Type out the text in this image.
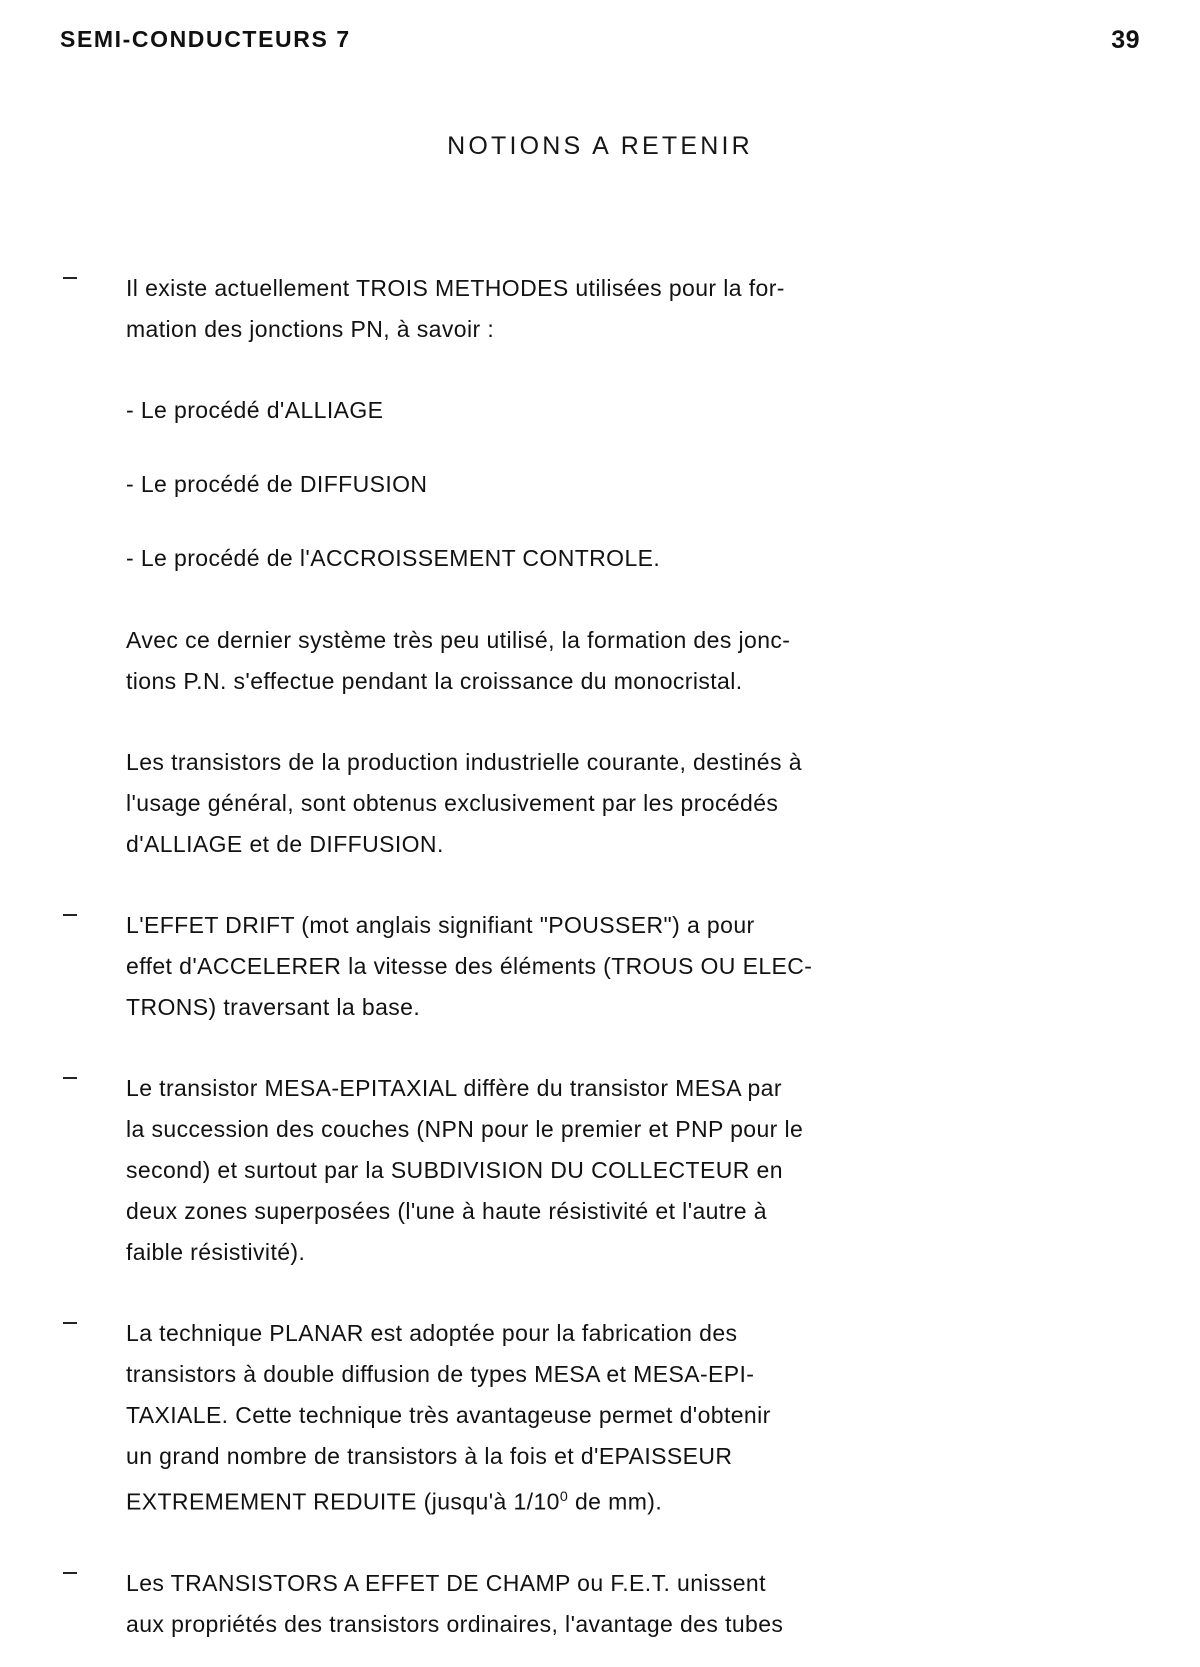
SEMI-CONDUCTEURS 7	39
NOTIONS A RETENIR
Il existe actuellement TROIS METHODES utilisées pour la for-
mation des jonctions PN, à savoir :
- Le procédé d'ALLIAGE
- Le procédé de DIFFUSION
- Le procédé de l'ACCROISSEMENT CONTROLE.
Avec ce dernier système très peu utilisé, la formation des jonc-
tions P.N. s'effectue pendant la croissance du monocristal.
Les transistors de la production industrielle courante, destinés à
l'usage général, sont obtenus exclusivement par les procédés
d'ALLIAGE et de DIFFUSION.
L'EFFET DRIFT (mot anglais signifiant "POUSSER") a pour
effet d'ACCELERER la vitesse des éléments (TROUS OU ELEC-
TRONS) traversant la base.
Le transistor MESA-EPITAXIAL diffère du transistor MESA par
la succession des couches (NPN pour le premier et PNP pour le
second) et surtout par la SUBDIVISION DU COLLECTEUR en
deux zones superposées (l'une à haute résistivité et l'autre à
faible résistivité).
La technique PLANAR est adoptée pour la fabrication des
transistors à double diffusion de types MESA et MESA-EPI-
TAXIALE. Cette technique très avantageuse permet d'obtenir
un grand nombre de transistors à la fois et d'EPAISSEUR
EXTREMEMENT REDUITE (jusqu'à $1/10^0$ de mm).
Les TRANSISTORS A EFFET DE CHAMP ou F.E.T. unissent
aux propriétés des transistors ordinaires, l'avantage des tubes
